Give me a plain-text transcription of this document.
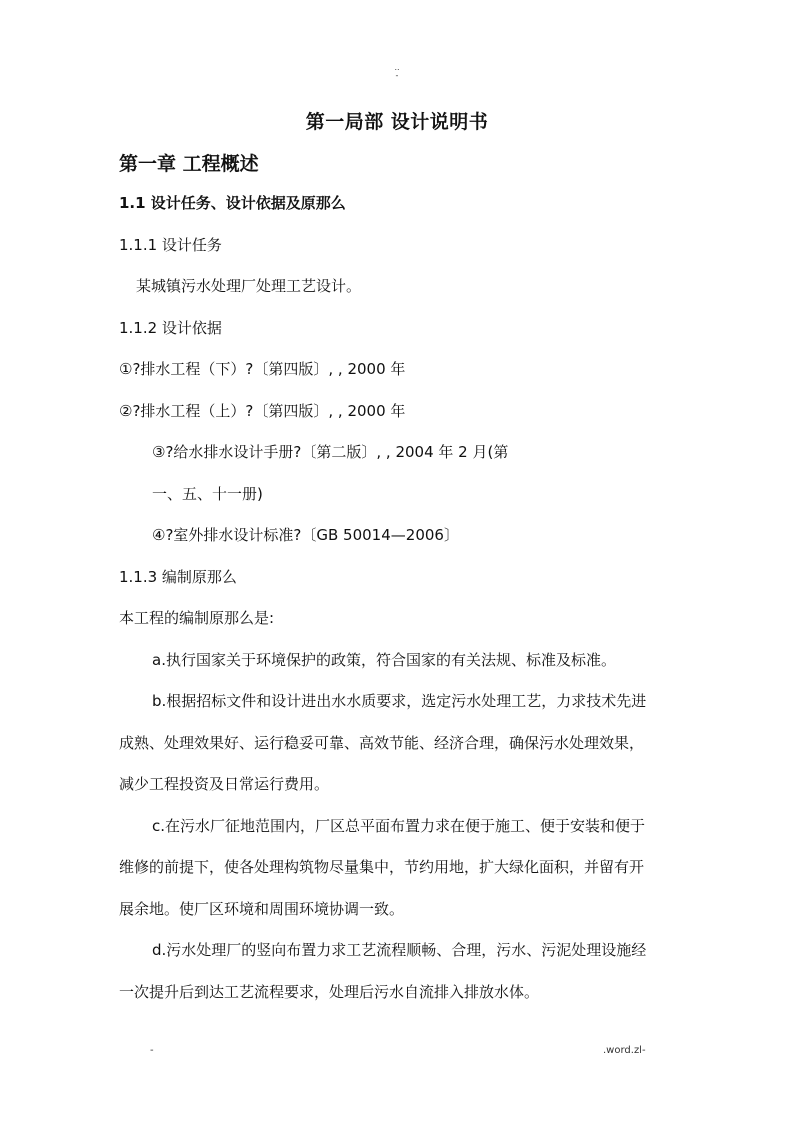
..
-
第一局部 设计说明书
第一章 工程概述
1.1 设计任务、设计依据及原那么
1.1.1 设计任务
某城镇污水处理厂处理工艺设计。
1.1.2 设计依据
①?排水工程（下）?〔第四版〕, , 2000 年
②?排水工程（上）?〔第四版〕, , 2000 年
③?给水排水设计手册?〔第二版〕, , 2004 年 2 月(第
一、五、十一册)
④?室外排水设计标准?〔GB 50014—2006〕
1.1.3 编制原那么
本工程的编制原那么是:
a.执行国家关于环境保护的政策，符合国家的有关法规、标准及标准。
b.根据招标文件和设计进出水水质要求，选定污水处理工艺，力求技术先进
成熟、处理效果好、运行稳妥可靠、高效节能、经济合理，确保污水处理效果，
减少工程投资及日常运行费用。
c.在污水厂征地范围内，厂区总平面布置力求在便于施工、便于安装和便于
维修的前提下，使各处理构筑物尽量集中，节约用地，扩大绿化面积，并留有开
展余地。使厂区环境和周围环境协调一致。
d.污水处理厂的竖向布置力求工艺流程顺畅、合理，污水、污泥处理设施经
一次提升后到达工艺流程要求，处理后污水自流排入排放水体。
-	.word.zl-
